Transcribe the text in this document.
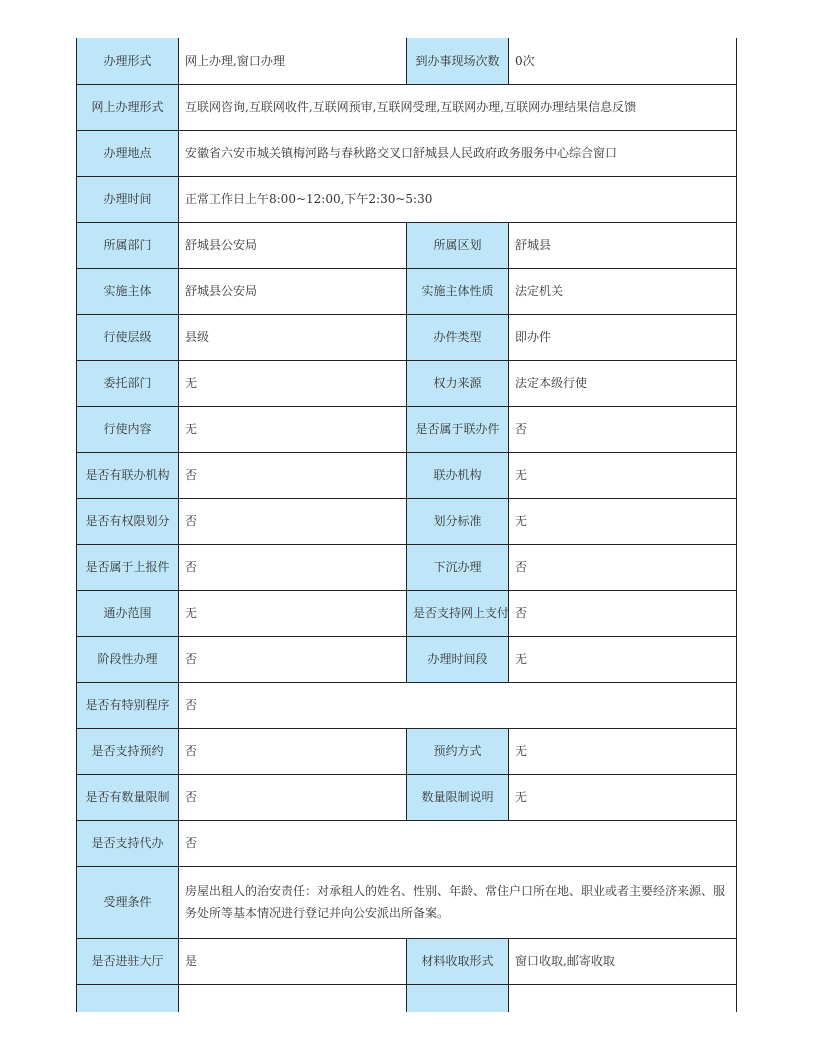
办理形式	网上办理,窗口办理	到办事现场次数	0次
网上办理形式	互联网咨询,互联网收件,互联网预审,互联网受理,互联网办理,互联网办理结果信息反馈		
办理地点	安徽省六安市城关镇梅河路与春秋路交叉口舒城县人民政府政务服务中心综合窗口		
办理时间	正常工作日上午8:00~12:00,下午2:30~5:30		
所属部门	舒城县公安局	所属区划	舒城县
实施主体	舒城县公安局	实施主体性质	法定机关
行使层级	县级	办件类型	即办件
委托部门	无	权力来源	法定本级行使
行使内容	无	是否属于联办件	否
是否有联办机构	否	联办机构	无
是否有权限划分	否	划分标准	无
是否属于上报件	否	下沉办理	否
通办范围	无	是否支持网上支付	否
阶段性办理	否	办理时间段	无
是否有特别程序	否		
是否支持预约	否	预约方式	无
是否有数量限制	否	数量限制说明	无
是否支持代办	否		
受理条件	房屋出租人的治安责任：对承租人的姓名、性别、年龄、常住户口所在地、职业或者主要经济来源、服务处所等基本情况进行登记并向公安派出所备案。		
是否进驻大厅	是	材料收取形式	窗口收取,邮寄收取
